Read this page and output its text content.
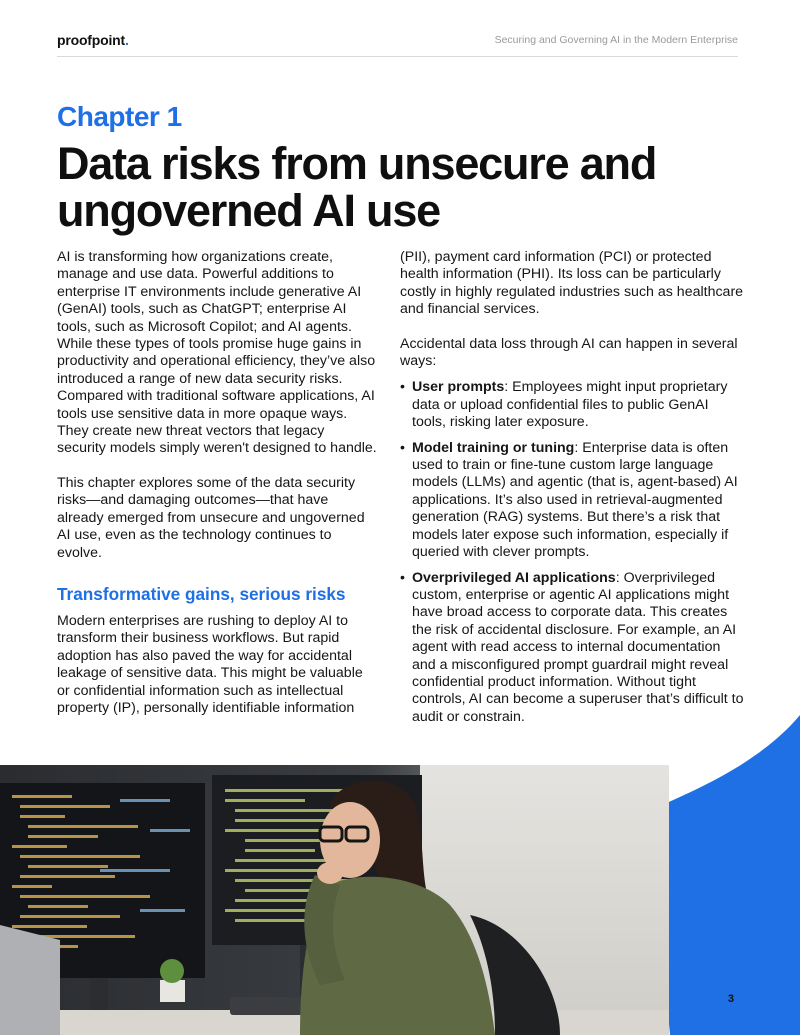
proofpoint.	Securing and Governing AI in the Modern Enterprise
Chapter 1
Data risks from unsecure and ungoverned AI use

AI is transforming how organizations create, manage and use data. Powerful additions to enterprise IT environments include generative AI (GenAI) tools, such as ChatGPT; enterprise AI tools, such as Microsoft Copilot; and AI agents. While these types of tools promise huge gains in productivity and operational efficiency, they’ve also introduced a range of new data security risks. Compared with traditional software applications, AI tools use sensitive data in more opaque ways. They create new threat vectors that legacy security models simply weren't designed to handle.

This chapter explores some of the data security risks—and damaging outcomes—that have already emerged from unsecure and ungoverned AI use, even as the technology continues to evolve.

Transformative gains, serious risks

Modern enterprises are rushing to deploy AI to transform their business workflows. But rapid adoption has also paved the way for accidental leakage of sensitive data. This might be valuable or confidential information such as intellectual property (IP), personally identifiable information

(PII), payment card information (PCI) or protected health information (PHI). Its loss can be particularly costly in highly regulated industries such as healthcare and financial services.

Accidental data loss through AI can happen in several ways:

• User prompts: Employees might input proprietary data or upload confidential files to public GenAI tools, risking later exposure.
• Model training or tuning: Enterprise data is often used to train or fine-tune custom large language models (LLMs) and agentic (that is, agent-based) AI applications. It’s also used in retrieval-augmented generation (RAG) systems. But there’s a risk that models later expose such information, especially if queried with clever prompts.
• Overprivileged AI applications: Overprivileged custom, enterprise or agentic AI applications might have broad access to corporate data. This creates the risk of accidental disclosure. For example, an AI agent with read access to internal documentation and a misconfigured prompt guardrail might reveal confidential product information. Without tight controls, AI can become a superuser that’s difficult to audit or constrain.
3
